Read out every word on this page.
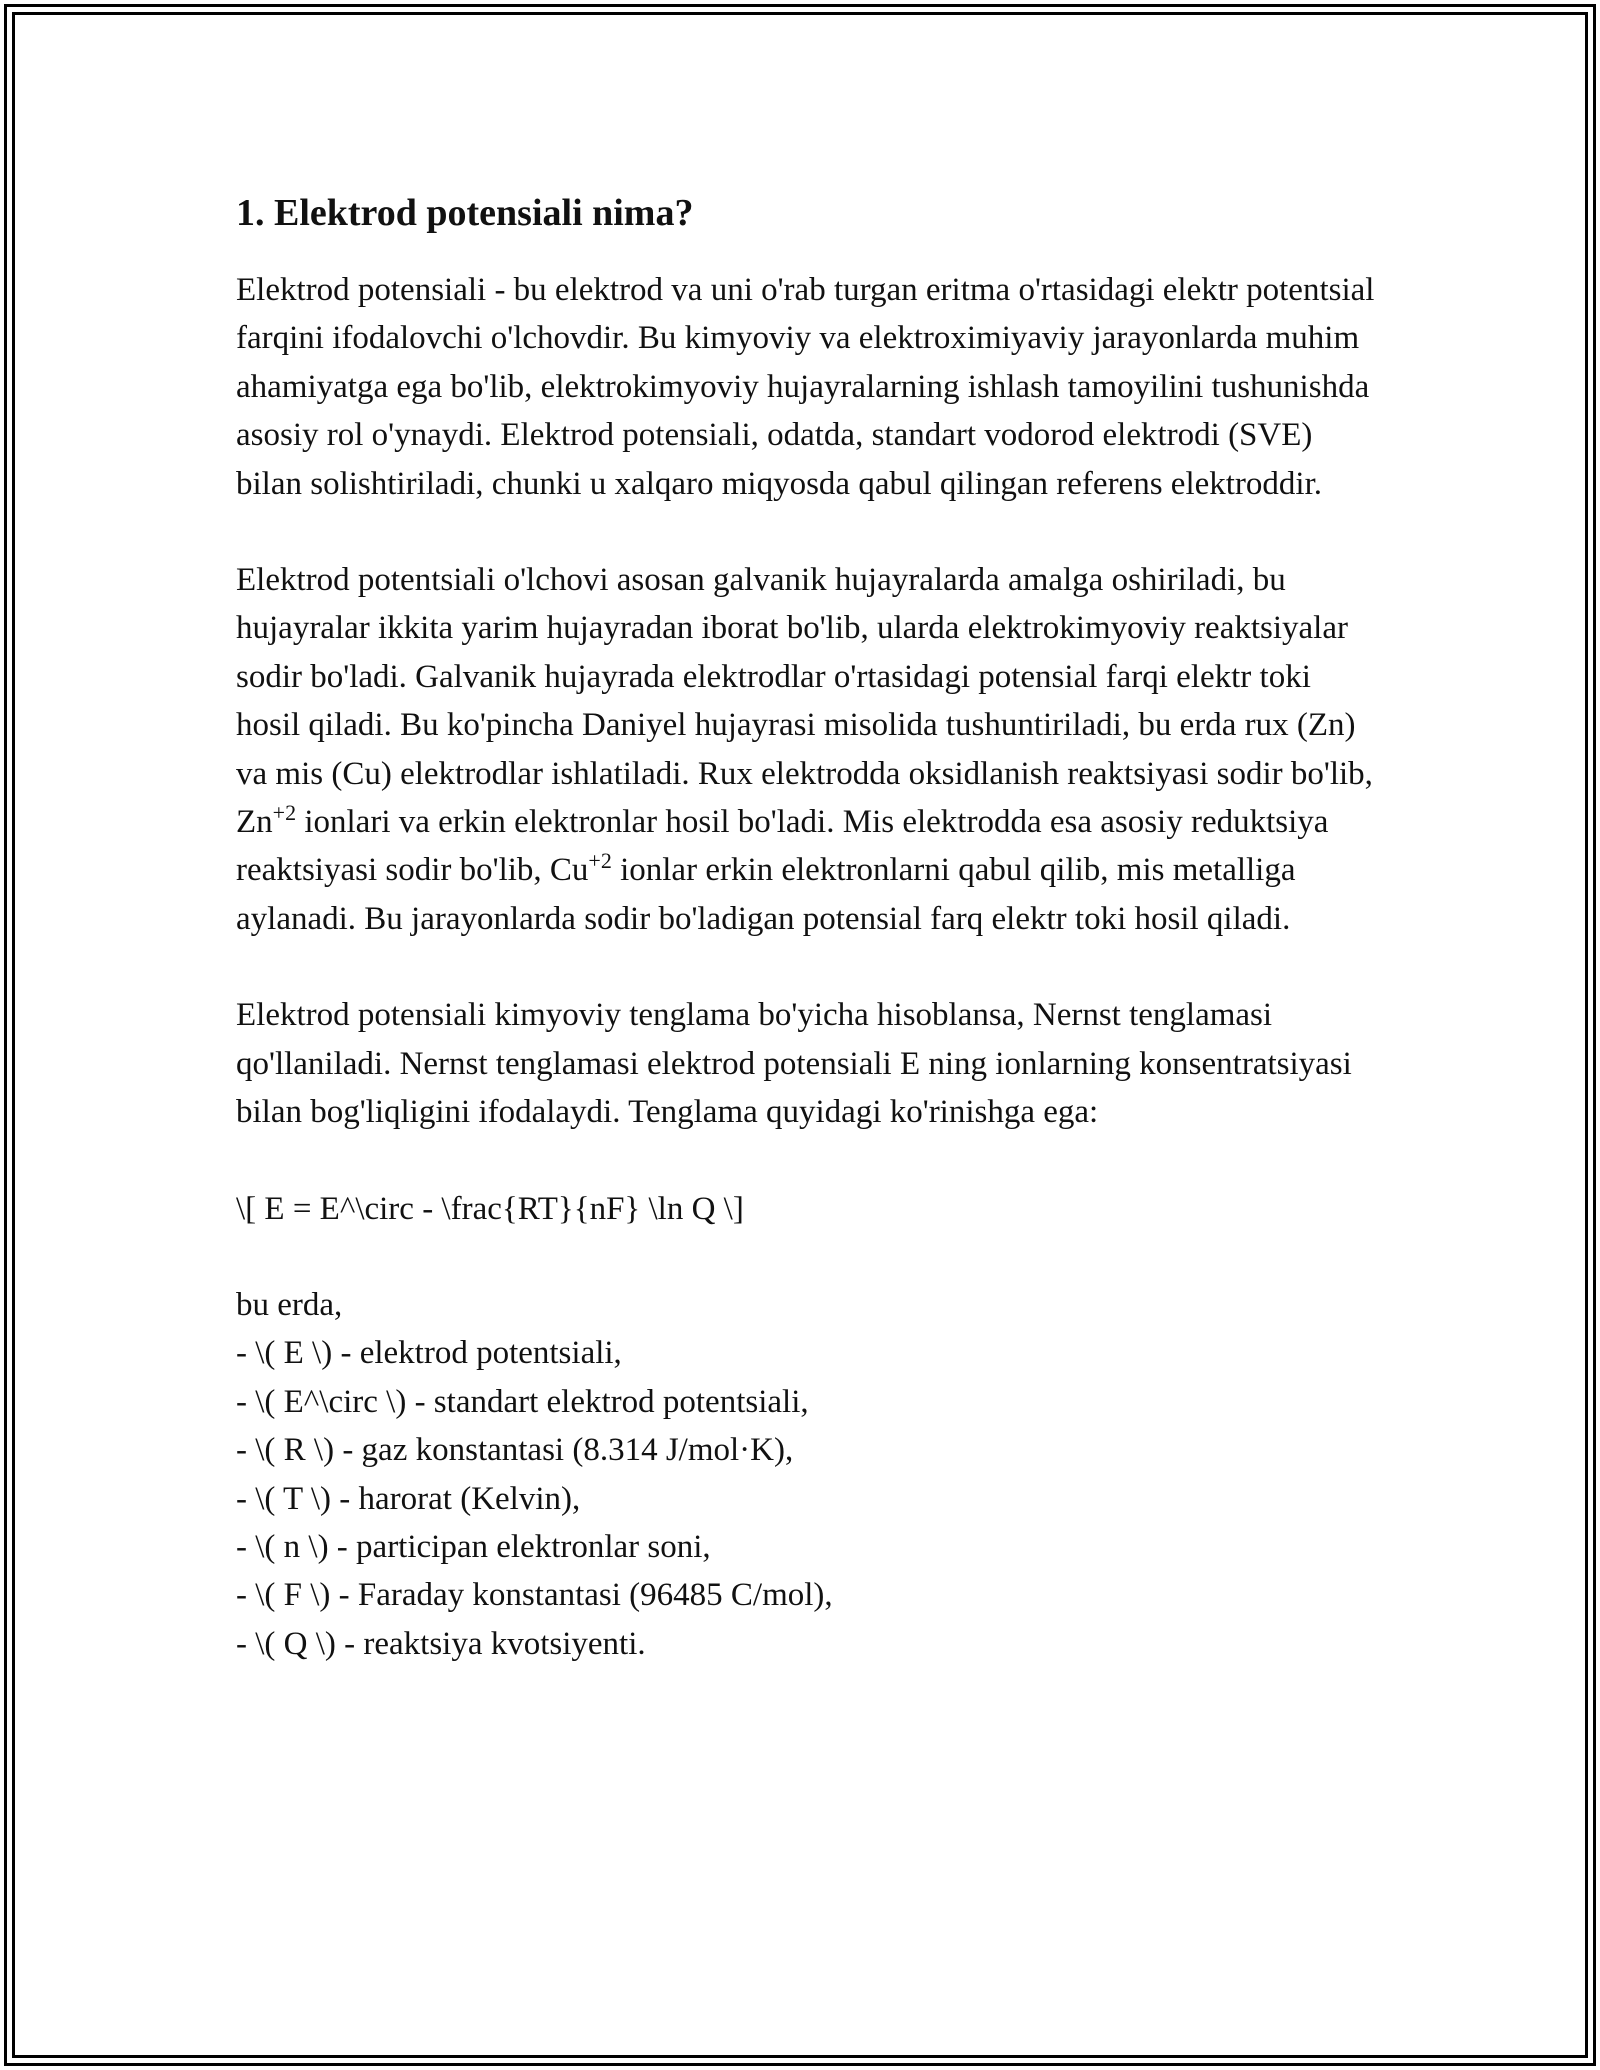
1. Elektrod potensiali nima?

Elektrod potensiali - bu elektrod va uni o'rab turgan eritma o'rtasidagi elektr potentsial farqini ifodalovchi o'lchovdir. Bu kimyoviy va elektroximiyaviy jarayonlarda muhim ahamiyatga ega bo'lib, elektrokimyoviy hujayralarning ishlash tamoyilini tushunishda asosiy rol o'ynaydi. Elektrod potensiali, odatda, standart vodorod elektrodi (SVE) bilan solishtiriladi, chunki u xalqaro miqyosda qabul qilingan referens elektroddir.

Elektrod potentsiali o'lchovi asosan galvanik hujayralarda amalga oshiriladi, bu hujayralar ikkita yarim hujayradan iborat bo'lib, ularda elektrokimyoviy reaktsiyalar sodir bo'ladi. Galvanik hujayrada elektrodlar o'rtasidagi potensial farqi elektr toki hosil qiladi. Bu ko'pincha Daniyel hujayrasi misolida tushuntiriladi, bu erda rux (Zn) va mis (Cu) elektrodlar ishlatiladi. Rux elektrodda oksidlanish reaktsiyasi sodir bo'lib, $Zn^{+2}$ ionlari va erkin elektronlar hosil bo'ladi. Mis elektrodda esa asosiy reduktsiya reaktsiyasi sodir bo'lib, $Cu^{+2}$ ionlar erkin elektronlarni qabul qilib, mis metalliga aylanadi. Bu jarayonlarda sodir bo'ladigan potensial farq elektr toki hosil qiladi.

Elektrod potensiali kimyoviy tenglama bo'yicha hisoblansa, Nernst tenglamasi qo'llaniladi. Nernst tenglamasi elektrod potensiali E ning ionlarning konsentratsiyasi bilan bog'liqligini ifodalaydi. Tenglama quyidagi ko'rinishga ega:

\[ E = E^\circ - \frac{RT}{nF} \ln Q \]
bu erda,
- \( E \) - elektrod potentsiali,
- \( E^\circ \) - standart elektrod potentsiali,
- \( R \) - gaz konstantasi (8.314 J/mol·K),
- \( T \) - harorat (Kelvin),
- \( n \) - participan elektronlar soni,
- \( F \) - Faraday konstantasi (96485 C/mol),
- \( Q \) - reaktsiya kvotsiyenti.
